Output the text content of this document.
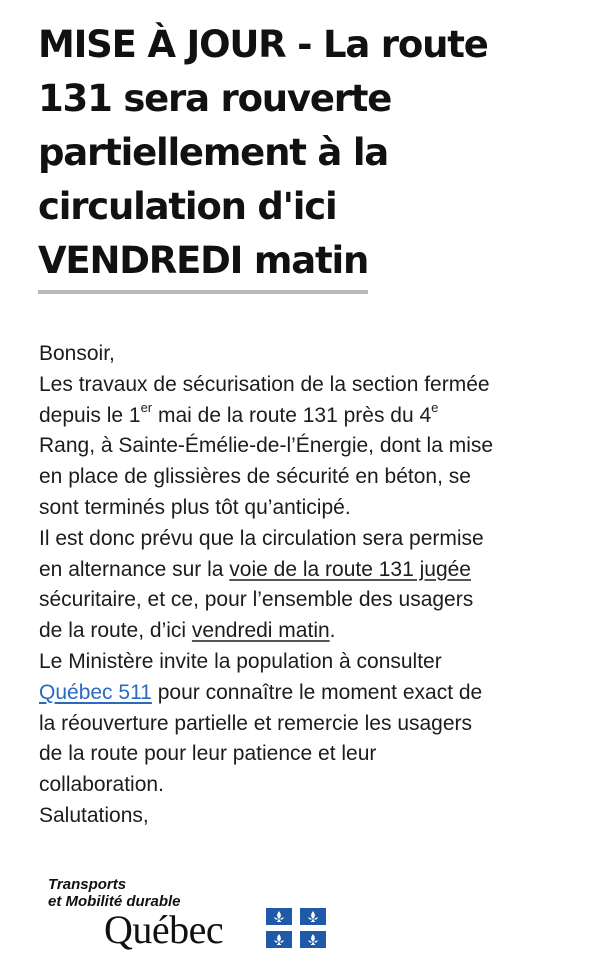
MISE À JOUR - La route
131 sera rouverte
partiellement à la
circulation d'ici
VENDREDI matin
Bonsoir,
Les travaux de sécurisation de la section fermée
depuis le 1er mai de la route 131 près du 4e
Rang, à Sainte-Émélie-de-l’Énergie, dont la mise
en place de glissières de sécurité en béton, se
sont terminés plus tôt qu’anticipé.
Il est donc prévu que la circulation sera permise
en alternance sur la voie de la route 131 jugée
sécuritaire, et ce, pour l’ensemble des usagers
de la route, d’ici vendredi matin.
Le Ministère invite la population à consulter
Québec 511 pour connaître le moment exact de
la réouverture partielle et remercie les usagers
de la route pour leur patience et leur
collaboration.
Salutations,
Transports
et Mobilité durable
Québec
